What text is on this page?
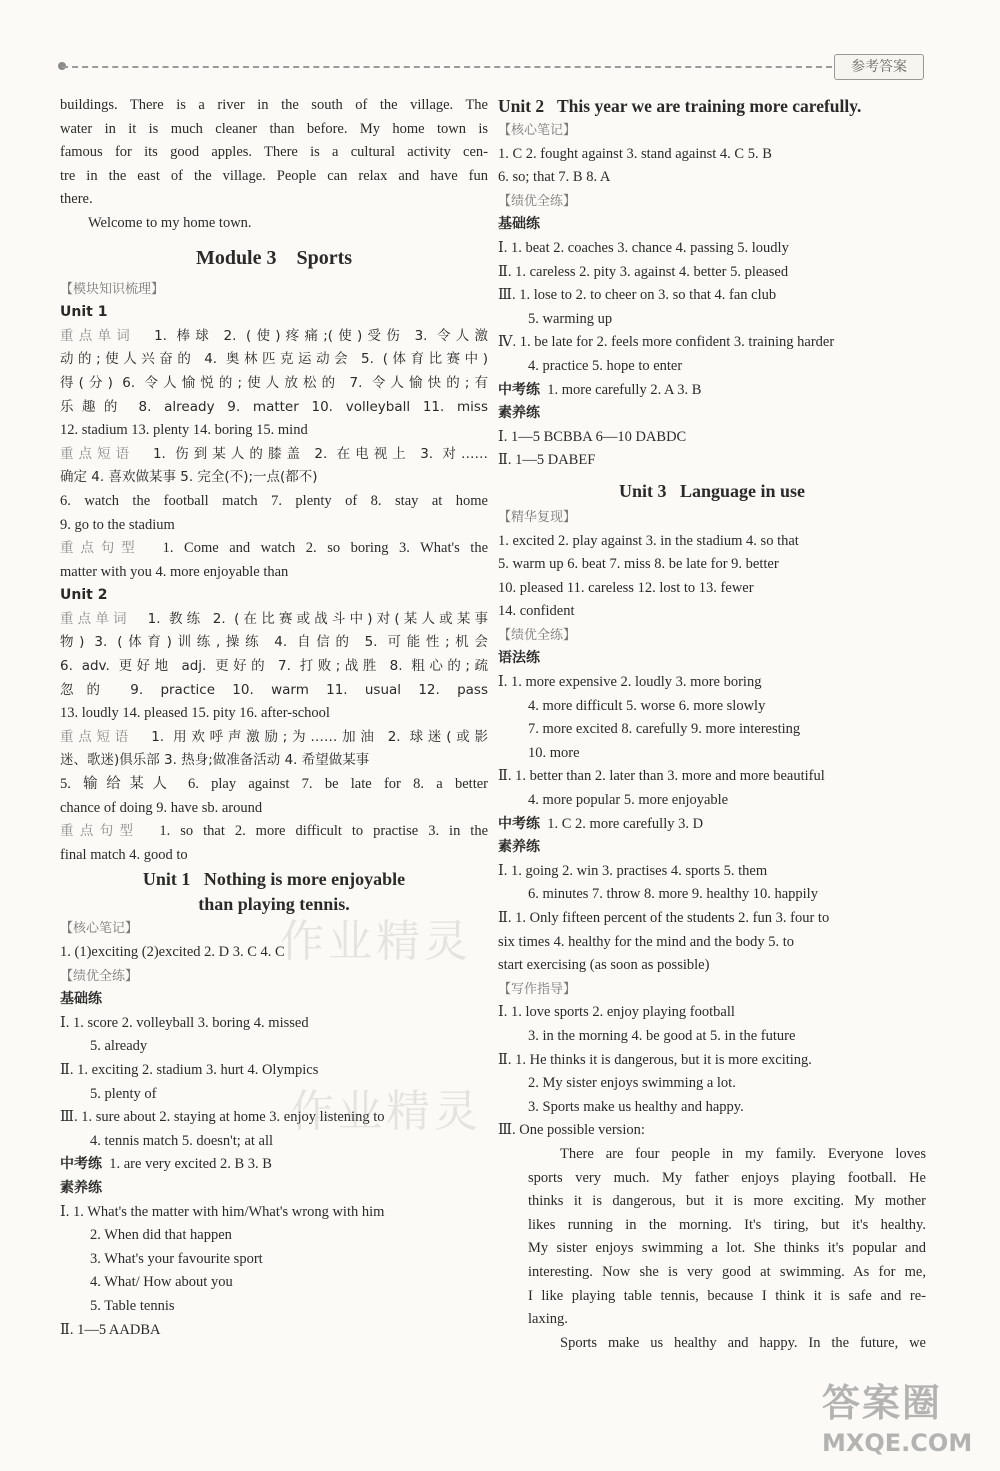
参考答案
buildings. There is a river in the south of the village. The
water in it is much cleaner than before. My home town is
famous for its good apples. There is a cultural activity cen-
tre in the east of the village. People can relax and have fun
there.
Welcome to my home town.
Module 3    Sports
【模块知识梳理】
Unit 1
重点单词 1. 棒球 2. (使)疼痛;(使)受伤 3. 令人激
动的;使人兴奋的 4. 奥林匹克运动会 5. (体育比赛中)
得(分) 6. 令人愉悦的;使人放松的 7. 令人愉快的;有
乐趣的 8. already 9. matter 10. volleyball 11. miss
12. stadium 13. plenty 14. boring 15. mind
重点短语 1. 伤到某人的膝盖 2. 在电视上 3. 对……
确定 4. 喜欢做某事 5. 完全(不);一点(都不)
6. watch the football match 7. plenty of 8. stay at home
9. go to the stadium
重点句型 1. Come and watch 2. so boring 3. What's the
matter with you 4. more enjoyable than
Unit 2
重点单词 1. 教练 2. (在比赛或战斗中)对(某人或某事
物) 3. (体育)训练,操练 4. 自信的 5. 可能性;机会
6. adv. 更好地 adj. 更好的 7. 打败;战胜 8. 粗心的;疏
忽的 9. practice 10. warm 11. usual 12. pass
13. loudly 14. pleased 15. pity 16. after-school
重点短语 1. 用欢呼声激励;为……加油 2. 球迷(或影
迷、歌迷)俱乐部 3. 热身;做准备活动 4. 希望做某事
5. 输给某人 6. play against 7. be late for 8. a better
chance of doing 9. have sb. around
重点句型 1. so that 2. more difficult to practise 3. in the
final match 4. good to
Unit 1   Nothing is more enjoyable
than playing tennis.
【核心笔记】
1. (1)exciting (2)excited 2. D 3. C 4. C
【绩优全练】
基础练
Ⅰ. 1. score 2. volleyball 3. boring 4. missed
5. already
Ⅱ. 1. exciting 2. stadium 3. hurt 4. Olympics
5. plenty of
Ⅲ. 1. sure about 2. staying at home 3. enjoy listening to
4. tennis match 5. doesn't; at all
中考练 1. are very excited 2. B 3. B
素养练
Ⅰ. 1. What's the matter with him/What's wrong with him
2. When did that happen
3. What's your favourite sport
4. What/ How about you
5. Table tennis
Ⅱ. 1—5 AADBA
Unit 2   This year we are training more carefully.
【核心笔记】
1. C 2. fought against 3. stand against 4. C 5. B
6. so; that 7. B 8. A
【绩优全练】
基础练
Ⅰ. 1. beat 2. coaches 3. chance 4. passing 5. loudly
Ⅱ. 1. careless 2. pity 3. against 4. better 5. pleased
Ⅲ. 1. lose to 2. to cheer on 3. so that 4. fan club
5. warming up
Ⅳ. 1. be late for 2. feels more confident 3. training harder
4. practice 5. hope to enter
中考练 1. more carefully 2. A 3. B
素养练
Ⅰ. 1—5 BCBBA 6—10 DABDC
Ⅱ. 1—5 DABEF
Unit 3   Language in use
【精华复现】
1. excited 2. play against 3. in the stadium 4. so that
5. warm up 6. beat 7. miss 8. be late for 9. better
10. pleased 11. careless 12. lost to 13. fewer
14. confident
【绩优全练】
语法练
Ⅰ. 1. more expensive 2. loudly 3. more boring
4. more difficult 5. worse 6. more slowly
7. more excited 8. carefully 9. more interesting
10. more
Ⅱ. 1. better than 2. later than 3. more and more beautiful
4. more popular 5. more enjoyable
中考练 1. C 2. more carefully 3. D
素养练
Ⅰ. 1. going 2. win 3. practises 4. sports 5. them
6. minutes 7. throw 8. more 9. healthy 10. happily
Ⅱ. 1. Only fifteen percent of the students 2. fun 3. four to
six times 4. healthy for the mind and the body 5. to
start exercising (as soon as possible)
【写作指导】
Ⅰ. 1. love sports 2. enjoy playing football
3. in the morning 4. be good at 5. in the future
Ⅱ. 1. He thinks it is dangerous, but it is more exciting.
2. My sister enjoys swimming a lot.
3. Sports make us healthy and happy.
Ⅲ. One possible version:
There are four people in my family. Everyone loves
sports very much. My father enjoys playing football. He
thinks it is dangerous, but it is more exciting. My mother
likes running in the morning. It's tiring, but it's healthy.
My sister enjoys swimming a lot. She thinks it's popular and
interesting. Now she is very good at swimming. As for me,
I like playing table tennis, because I think it is safe and re-
laxing.
Sports make us healthy and happy. In the future, we
作业精灵
作业精灵
答案圈
MXQE.COM
